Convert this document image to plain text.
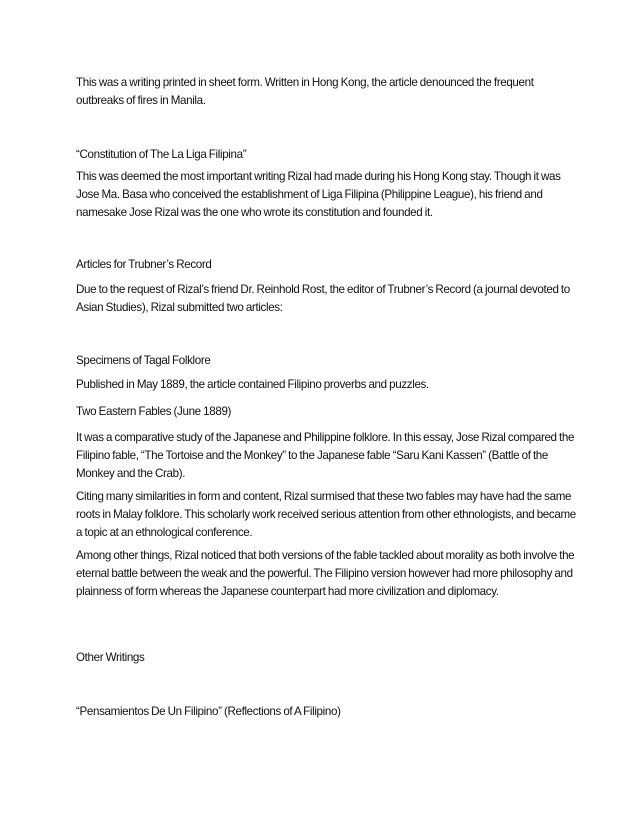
This was a writing printed in sheet form. Written in Hong Kong, the article denounced the frequent outbreaks of fires in Manila.

“Constitution of The La Liga Filipina”

This was deemed the most important writing Rizal had made during his Hong Kong stay. Though it was Jose Ma. Basa who conceived the establishment of Liga Filipina (Philippine League), his friend and namesake Jose Rizal was the one who wrote its constitution and founded it.

Articles for Trubner’s Record

Due to the request of Rizal’s friend Dr. Reinhold Rost, the editor of Trubner’s Record (a journal devoted to Asian Studies), Rizal submitted two articles:

Specimens of Tagal Folklore

Published in May 1889, the article contained Filipino proverbs and puzzles.

Two Eastern Fables (June 1889)

It was a comparative study of the Japanese and Philippine folklore. In this essay, Jose Rizal compared the Filipino fable, “The Tortoise and the Monkey” to the Japanese fable “Saru Kani Kassen” (Battle of the Monkey and the Crab).

Citing many similarities in form and content, Rizal surmised that these two fables may have had the same roots in Malay folklore. This scholarly work received serious attention from other ethnologists, and became a topic at an ethnological conference.

Among other things, Rizal noticed that both versions of the fable tackled about morality as both involve the eternal battle between the weak and the powerful. The Filipino version however had more philosophy and plainness of form whereas the Japanese counterpart had more civilization and diplomacy.

Other Writings

“Pensamientos De Un Filipino” (Reflections of A Filipino)
